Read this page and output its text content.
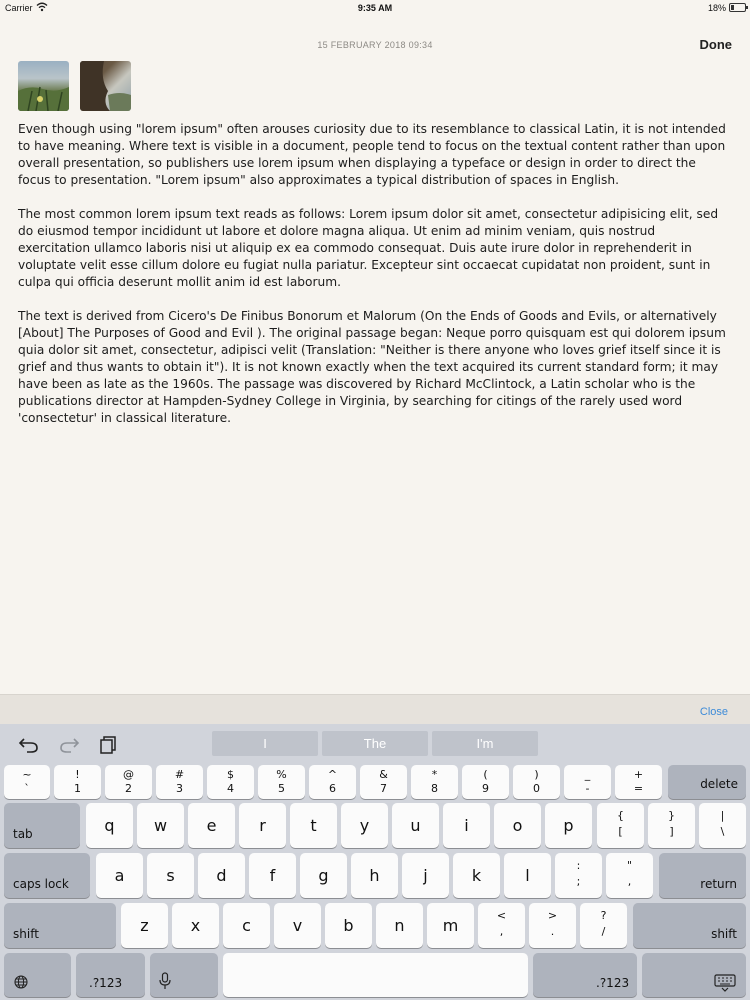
Carrier	9:35 AM	18%
15 FEBRUARY 2018 09:34	Done

Even though using "lorem ipsum" often arouses curiosity due to its resemblance to classical Latin, it is not intended to have meaning. Where text is visible in a document, people tend to focus on the textual content rather than upon overall presentation, so publishers use lorem ipsum when displaying a typeface or design in order to direct the focus to presentation. "Lorem ipsum" also approximates a typical distribution of spaces in English.

The most common lorem ipsum text reads as follows: Lorem ipsum dolor sit amet, consectetur adipisicing elit, sed do eiusmod tempor incididunt ut labore et dolore magna aliqua. Ut enim ad minim veniam, quis nostrud exercitation ullamco laboris nisi ut aliquip ex ea commodo consequat. Duis aute irure dolor in reprehenderit in voluptate velit esse cillum dolore eu fugiat nulla pariatur. Excepteur sint occaecat cupidatat non proident, sunt in culpa qui officia deserunt mollit anim id est laborum.

The text is derived from Cicero's De Finibus Bonorum et Malorum (On the Ends of Goods and Evils, or alternatively [About] The Purposes of Good and Evil ). The original passage began: Neque porro quisquam est qui dolorem ipsum quia dolor sit amet, consectetur, adipisci velit (Translation: "Neither is there anyone who loves grief itself since it is grief and thus wants to obtain it"). It is not known exactly when the text acquired its current standard form; it may have been as late as the 1960s. The passage was discovered by Richard McClintock, a Latin scholar who is the publications director at Hampden-Sydney College in Virginia, by searching for citings of the rarely used word 'consectetur' in classical literature.

Close
I	The	I'm
~
`
!
1
@
2
#
3
$
4
%
5
^
6
&
7
*
8
(
9
)
0
_
-
+
=	delete
tab	q	w	e	r	t	y	u	i	o	p
{
[
}
]
|
\
caps lock	a	s	d	f	g	h	j	k	l
:
;
"
,	return
shift	z	x	c	v	b	n	m
<
,
>
.
?
/	shift
.?123	.?123
